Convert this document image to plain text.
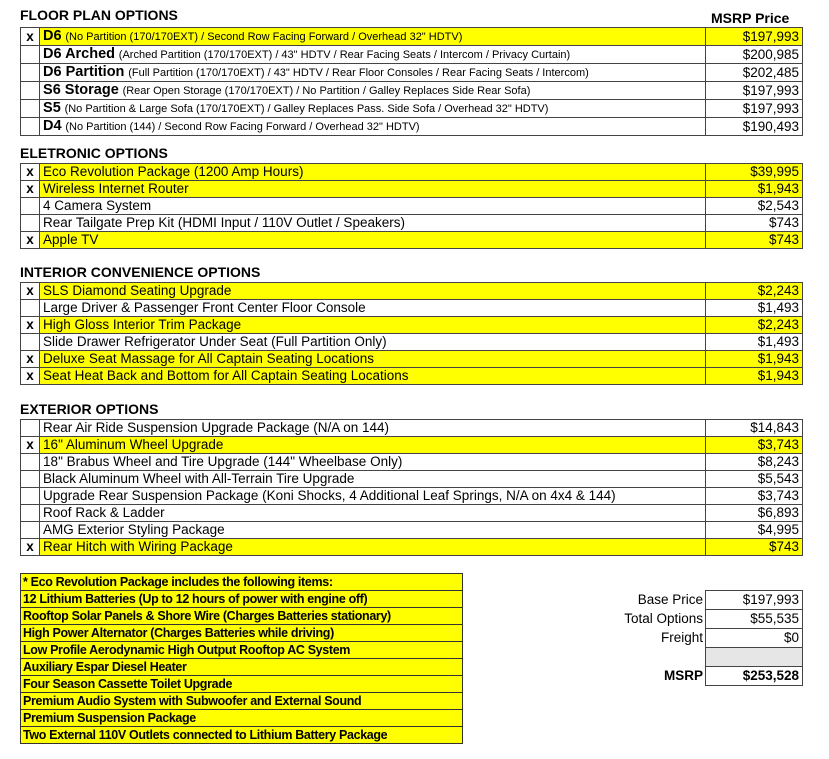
FLOOR PLAN OPTIONS	MSRP Price
x	D6 (No Partition (170/170EXT) / Second Row Facing Forward / Overhead 32" HDTV)	$197,993
	D6 Arched (Arched Partition (170/170EXT) / 43" HDTV / Rear Facing Seats / Intercom / Privacy Curtain)	$200,985
	D6 Partition (Full Partition (170/170EXT) / 43" HDTV / Rear Floor Consoles / Rear Facing Seats / Intercom)	$202,485
	S6 Storage (Rear Open Storage (170/170EXT) / No Partition / Galley Replaces Side Rear Sofa)	$197,993
	S5 (No Partition & Large Sofa (170/170EXT) / Galley Replaces Pass. Side Sofa / Overhead 32" HDTV)	$197,993
	D4 (No Partition (144) / Second Row Facing Forward / Overhead 32" HDTV)	$190,493
ELETRONIC OPTIONS
x	Eco Revolution Package (1200 Amp Hours)	$39,995
x	Wireless Internet Router	$1,943
	4 Camera System	$2,543
	Rear Tailgate Prep Kit (HDMI Input / 110V Outlet / Speakers)	$743
x	Apple TV	$743
INTERIOR CONVENIENCE OPTIONS
x	SLS Diamond Seating Upgrade	$2,243
	Large Driver & Passenger Front Center Floor Console	$1,493
x	High Gloss Interior Trim Package	$2,243
	Slide Drawer Refrigerator Under Seat (Full Partition Only)	$1,493
x	Deluxe Seat Massage for All Captain Seating Locations	$1,943
x	Seat Heat Back and Bottom for All Captain Seating Locations	$1,943
EXTERIOR OPTIONS
	Rear Air Ride Suspension Upgrade Package (N/A on 144)	$14,843
x	16" Aluminum Wheel Upgrade	$3,743
	18" Brabus Wheel and Tire Upgrade (144" Wheelbase Only)	$8,243
	Black Aluminum Wheel with All-Terrain Tire Upgrade	$5,543
	Upgrade Rear Suspension Package (Koni Shocks, 4 Additional Leaf Springs, N/A on 4x4 & 144)	$3,743
	Roof Rack & Ladder	$6,893
	AMG Exterior Styling Package	$4,995
x	Rear Hitch with Wiring Package	$743
* Eco Revolution Package includes the following items:
12 Lithium Batteries (Up to 12 hours of power with engine off)
Rooftop Solar Panels & Shore Wire (Charges Batteries stationary)
High Power Alternator (Charges Batteries while driving)
Low Profile Aerodynamic High Output Rooftop AC System
Auxiliary Espar Diesel Heater
Four Season Cassette Toilet Upgrade
Premium Audio System with Subwoofer and External Sound
Premium Suspension Package
Two External 110V Outlets connected to Lithium Battery Package
Base Price	$197,993
Total Options	$55,535
Freight	$0

MSRP	$253,528
